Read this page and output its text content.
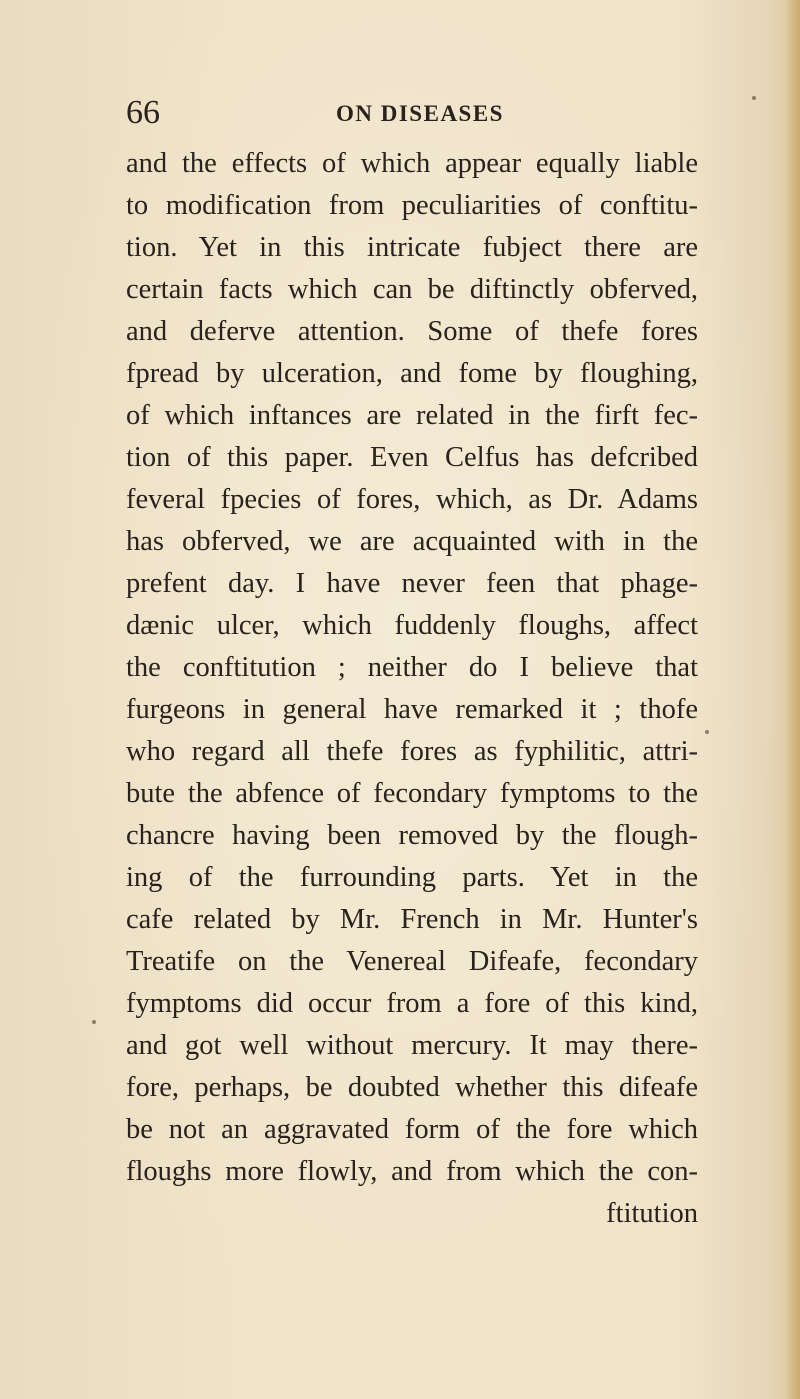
66	ON DISEASES
and the effects of which appear equally liable
to modification from peculiarities of conftitu-
tion. Yet in this intricate fubject there are
certain facts which can be diftinctly obferved,
and deferve attention. Some of thefe fores
fpread by ulceration, and fome by floughing,
of which inftances are related in the firft fec-
tion of this paper. Even Celfus has defcribed
feveral fpecies of fores, which, as Dr. Adams
has obferved, we are acquainted with in the
prefent day. I have never feen that phage-
dænic ulcer, which fuddenly floughs, affect
the conftitution ; neither do I believe that
furgeons in general have remarked it ; thofe
who regard all thefe fores as fyphilitic, attri-
bute the abfence of fecondary fymptoms to the
chancre having been removed by the flough-
ing of the furrounding parts. Yet in the
cafe related by Mr. French in Mr. Hunter's
Treatife on the Venereal Difeafe, fecondary
fymptoms did occur from a fore of this kind,
and got well without mercury. It may there-
fore, perhaps, be doubted whether this difeafe
be not an aggravated form of the fore which
floughs more flowly, and from which the con-
ftitution
